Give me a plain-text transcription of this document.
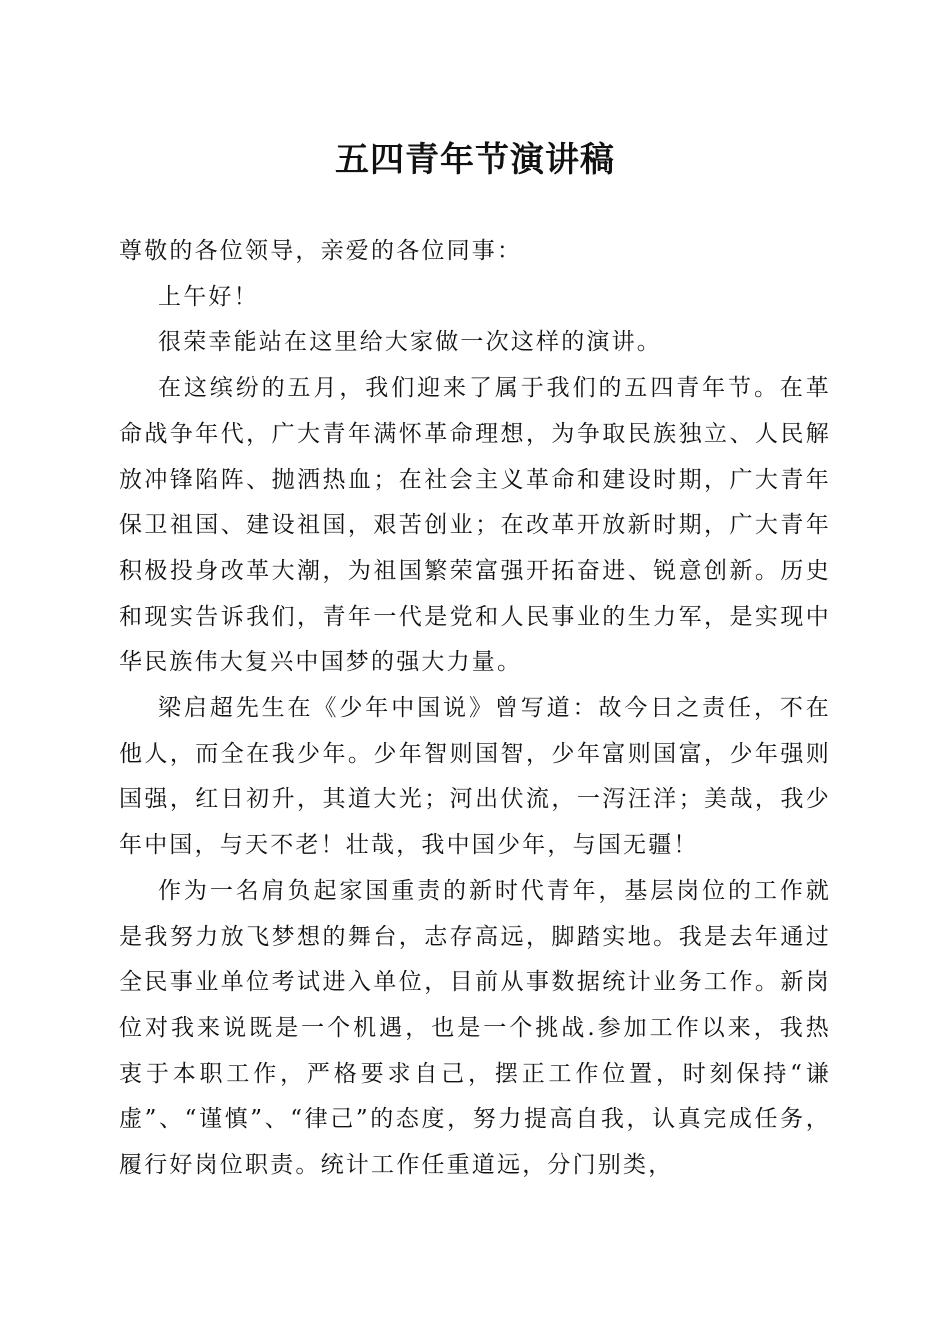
五四青年节演讲稿

尊敬的各位领导，亲爱的各位同事：

上午好！

很荣幸能站在这里给大家做一次这样的演讲。

在这缤纷的五月，我们迎来了属于我们的五四青年节。在革命战争年代，广大青年满怀革命理想，为争取民族独立、人民解放冲锋陷阵、抛洒热血；在社会主义革命和建设时期，广大青年保卫祖国、建设祖国，艰苦创业；在改革开放新时期，广大青年积极投身改革大潮，为祖国繁荣富强开拓奋进、锐意创新。历史和现实告诉我们，青年一代是党和人民事业的生力军，是实现中华民族伟大复兴中国梦的强大力量。

梁启超先生在《少年中国说》曾写道：故今日之责任，不在他人，而全在我少年。少年智则国智，少年富则国富，少年强则国强，红日初升，其道大光；河出伏流，一泻汪洋；美哉，我少年中国，与天不老！壮哉，我中国少年，与国无疆！

作为一名肩负起家国重责的新时代青年，基层岗位的工作就是我努力放飞梦想的舞台，志存高远，脚踏实地。我是去年通过全民事业单位考试进入单位，目前从事数据统计业务工作。新岗位对我来说既是一个机遇，也是一个挑战.参加工作以来，我热衷于本职工作，严格要求自己，摆正工作位置，时刻保持“谦虚”、“谨慎”、“律己”的态度，努力提高自我，认真完成任务，履行好岗位职责。统计工作任重道远，分门别类，
